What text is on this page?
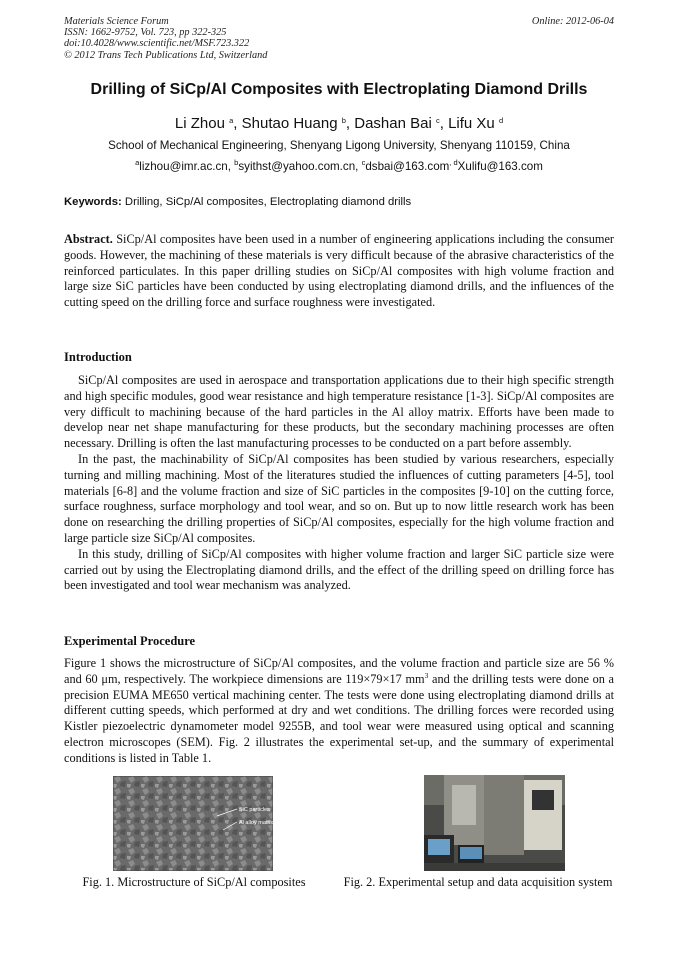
Materials Science Forum
ISSN: 1662-9752, Vol. 723, pp 322-325
doi:10.4028/www.scientific.net/MSF.723.322
© 2012 Trans Tech Publications Ltd, Switzerland
Online: 2012-06-04
Drilling of SiCp/Al Composites with Electroplating Diamond Drills
Li Zhou $^a$, Shutao Huang $^b$, Dashan Bai $^c$, Lifu Xu $^d$
School of Mechanical Engineering, Shenyang Ligong University, Shenyang 110159, China
$^a$lizhou@imr.ac.cn, $^b$syithst@yahoo.com.cn, $^c$dsbai@163.com, $^d$Xulifu@163.com
Keywords: Drilling, SiCp/Al composites, Electroplating diamond drills
Abstract. SiCp/Al composites have been used in a number of engineering applications including the consumer goods. However, the machining of these materials is very difficult because of the abrasive characteristics of the reinforced particulates. In this paper drilling studies on SiCp/Al composites with high volume fraction and large size SiC particles have been conducted by using electroplating diamond drills, and the influences of the cutting speed on the drilling force and surface roughness were investigated.
Introduction

SiCp/Al composites are used in aerospace and transportation applications due to their high specific strength and high specific modules, good wear resistance and high temperature resistance [1-3]. SiCp/Al composites are very difficult to machining because of the hard particles in the Al alloy matrix. Efforts have been made to develop near net shape manufacturing for these products, but the secondary machining processes are often necessary. Drilling is often the last manufacturing processes to be conducted on a part before assembly.

In the past, the machinability of SiCp/Al composites has been studied by various researchers, especially turning and milling machining. Most of the literatures studied the influences of cutting parameters [4-5], tool materials [6-8] and the volume fraction and size of SiC particles in the composites [9-10] on the cutting force, surface roughness, surface morphology and tool wear, and so on. But up to now little research work has been done on researching the drilling properties of SiCp/Al composites, especially for the high volume fraction and large particle size SiCp/Al composites.

In this study, drilling of SiCp/Al composites with higher volume fraction and larger SiC particle size were carried out by using the Electroplating diamond drills, and the effect of the drilling speed on drilling force has been investigated and tool wear mechanism was analyzed.

Experimental Procedure

Figure 1 shows the microstructure of SiCp/Al composites, and the volume fraction and particle size are 56 % and 60 μm, respectively. The workpiece dimensions are 119×79×17 $mm^3$ and the drilling tests were done on a precision EUMA ME650 vertical machining center. The tests were done using electroplating diamond drills at different cutting speeds, which performed at dry and wet conditions. The drilling forces were recorded using Kistler piezoelectric dynamometer model 9255B, and tool wear were measured using optical and scanning electron microscopes (SEM). Fig. 2 illustrates the experimental set-up, and the summary of experimental conditions is listed in Table 1.

SiC particles
Al alloy matrix
Fig. 1. Microstructure of SiCp/Al composites	Fig. 2. Experimental setup and data acquisition system
